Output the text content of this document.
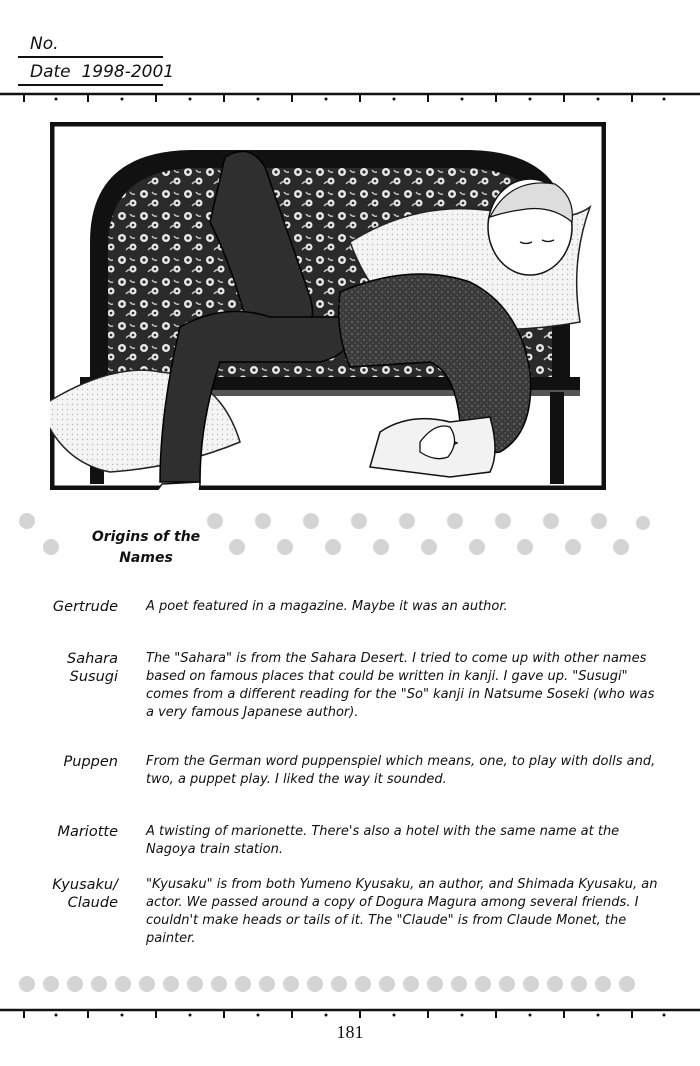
No.
Date 1998-2001
Origins of the
Names
Gertrude A poet featured in a magazine. Maybe it was an author.
Sahara
Susugi
The "Sahara" is from the Sahara Desert. I tried to come up with other names based on famous places that could be written in kanji. I gave up. "Susugi" comes from a different reading for the "So" kanji in Natsume Soseki (who was a very famous Japanese author).
Puppen From the German word puppenspiel which means, one, to play with dolls and, two, a puppet play. I liked the way it sounded.
Mariotte A twisting of marionette. There's also a hotel with the same name at the Nagoya train station.
Kyusaku/
Claude
"Kyusaku" is from both Yumeno Kyusaku, an author, and Shimada Kyusaku, an actor. We passed around a copy of Dogura Magura among several friends. I couldn't make heads or tails of it. The "Claude" is from Claude Monet, the painter.
181
